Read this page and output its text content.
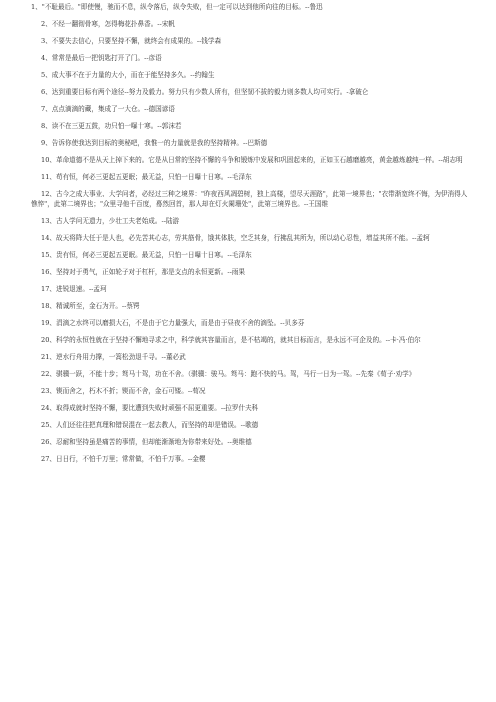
1、"不耻最后。"即使慢，驰而不息，纵令落后，纵令失败，但一定可以达到他所向往的目标。--鲁迅

2、不经一翻彻骨寒，怎得梅花扑鼻香。--宋帆

3、不要失去信心，只要坚持不懈，就终会有成果的。--钱学森

4、常常是最后一把钥匙打开了门。--彦语

5、成大事不在于力量的大小，而在于能坚持多久。--约翰生

6、达到重要目标有两个途径--努力及毅力。努力只有少数人所有，但坚韧不拔的毅力则多数人均可实行。-拿破仑

7、点点滴滴的藏，集成了一大仓。--德国谚语

8、读不在三更五鼓，功只怕一曝十寒。--郭沫若

9、告诉你使我达到目标的奥秘吧，我惟一的力量就是我的坚持精神。--巴斯德

10、革命道德不是从天上掉下来的。它是从日常的坚持不懈的斗争和锻炼中发展和巩固起来的，正如玉石越磨越亮，黄金越炼越纯一样。--胡志明

11、苟有恒，何必三更起五更眠；最无益，只怕一日曝十日寒。--毛泽东

12、古今之成大事业、大学问者，必经过三种之境界："昨夜西风凋碧树，独上高楼，望尽天涯路"，此第一境界也；"衣带渐宽终不悔，为伊消得人憔悴"，此第二境界也；"众里寻他千百度，蓦然回首，那人却在灯火阑珊处"，此第三境界也。--王国维

13、古人学问无遗力，少壮工夫老始成。--陆游

14、故天将降大任于是人也，必先苦其心志，劳其筋骨，饿其体肤，空乏其身，行拂乱其所为，所以动心忍性，增益其所不能。--孟轲

15、贵有恒，何必三更起五更眠。最无益，只怕一日曝十日寒。--毛泽东

16、坚持对于勇气，正如轮子对于杠杆，那是支点的永恒更新。--雨果

17、进锐退速。--孟珂

18、精诚所至，金石为开。--蔡锷

19、涓滴之水终可以磨损大石，不是由于它力量强大，而是由于昼夜不舍的滴坠。--贝多芬

20、科学的永恒性就在于坚持不懈地寻求之中，科学就其容量而言，是不枯竭的，就其目标而言，是永远不可企及的。--卡·冯·伯尔

21、逆水行舟用力撑，一篙松劲退千寻。--董必武

22、骐骥一跃，不能十步；驽马十驾，功在不舍。（骐骥：骏马。驽马：跑不快的马。驾，马行一日为一驾。--先秦《荀子·劝学》

23、锲而舍之，朽木不折；锲而不舍，金石可镂。--荀况

24、取得成就时坚持不懈，要比遭到失败时顽强不屈更重要。--拉罗什夫科

25、人们还往往把真理和错误混在一起去教人，而坚持的却是错误。--歌德

26、忍耐和坚持虽是痛苦的事情，但却能渐渐地为你带来好处。--奥维德

27、日日行，不怕千万里；常常做，不怕千万事。--金樱
